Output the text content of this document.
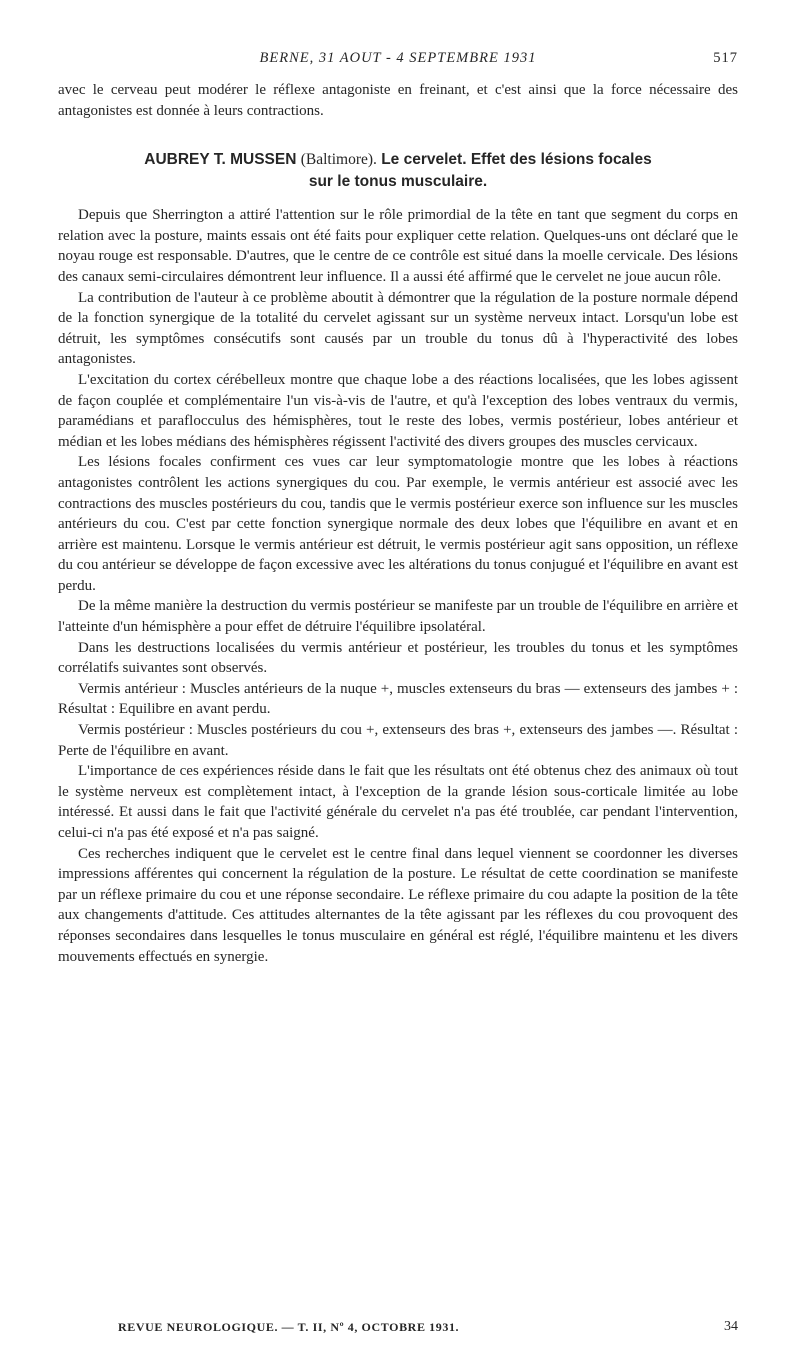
BERNE, 31 AOUT - 4 SEPTEMBRE 1931	517

avec le cerveau peut modérer le réflexe antagoniste en freinant, et c'est ainsi que la force nécessaire des antagonistes est donnée à leurs contractions.

AUBREY T. MUSSEN (Baltimore). Le cervelet. Effet des lésions focales
sur le tonus musculaire.

Depuis que Sherrington a attiré l'attention sur le rôle primordial de la tête en tant que segment du corps en relation avec la posture, maints essais ont été faits pour expliquer cette relation. Quelques-uns ont déclaré que le noyau rouge est responsable. D'autres, que le centre de ce contrôle est situé dans la moelle cervicale. Des lésions des canaux semi-circulaires démontrent leur influence. Il a aussi été affirmé que le cervelet ne joue aucun rôle.

La contribution de l'auteur à ce problème aboutit à démontrer que la régulation de la posture normale dépend de la fonction synergique de la totalité du cervelet agissant sur un système nerveux intact. Lorsqu'un lobe est détruit, les symptômes consécutifs sont causés par un trouble du tonus dû à l'hyperactivité des lobes antagonistes.

L'excitation du cortex cérébelleux montre que chaque lobe a des réactions localisées, que les lobes agissent de façon couplée et complémentaire l'un vis-à-vis de l'autre, et qu'à l'exception des lobes ventraux du vermis, paramédians et paraflocculus des hémisphères, tout le reste des lobes, vermis postérieur, lobes antérieur et médian et les lobes médians des hémisphères régissent l'activité des divers groupes des muscles cervicaux.

Les lésions focales confirment ces vues car leur symptomatologie montre que les lobes à réactions antagonistes contrôlent les actions synergiques du cou. Par exemple, le vermis antérieur est associé avec les contractions des muscles postérieurs du cou, tandis que le vermis postérieur exerce son influence sur les muscles antérieurs du cou. C'est par cette fonction synergique normale des deux lobes que l'équilibre en avant et en arrière est maintenu. Lorsque le vermis antérieur est détruit, le vermis postérieur agit sans opposition, un réflexe du cou antérieur se développe de façon excessive avec les altérations du tonus conjugué et l'équilibre en avant est perdu.

De la même manière la destruction du vermis postérieur se manifeste par un trouble de l'équilibre en arrière et l'atteinte d'un hémisphère a pour effet de détruire l'équilibre ipsolatéral.

Dans les destructions localisées du vermis antérieur et postérieur, les troubles du tonus et les symptômes corrélatifs suivantes sont observés.

Vermis antérieur : Muscles antérieurs de la nuque +, muscles extenseurs du bras — extenseurs des jambes + : Résultat : Equilibre en avant perdu.

Vermis postérieur : Muscles postérieurs du cou +, extenseurs des bras +, extenseurs des jambes —. Résultat : Perte de l'équilibre en avant.

L'importance de ces expériences réside dans le fait que les résultats ont été obtenus chez des animaux où tout le système nerveux est complètement intact, à l'exception de la grande lésion sous-corticale limitée au lobe intéressé. Et aussi dans le fait que l'activité générale du cervelet n'a pas été troublée, car pendant l'intervention, celui-ci n'a pas été exposé et n'a pas saigné.

Ces recherches indiquent que le cervelet est le centre final dans lequel viennent se coordonner les diverses impressions afférentes qui concernent la régulation de la posture. Le résultat de cette coordination se manifeste par un réflexe primaire du cou et une réponse secondaire. Le réflexe primaire du cou adapte la position de la tête aux changements d'attitude. Ces attitudes alternantes de la tête agissant par les réflexes du cou provoquent des réponses secondaires dans lesquelles le tonus musculaire en général est réglé, l'équilibre maintenu et les divers mouvements effectués en synergie.

REVUE NEUROLOGIQUE. — T. II, Nº 4, OCTOBRE 1931.	34
